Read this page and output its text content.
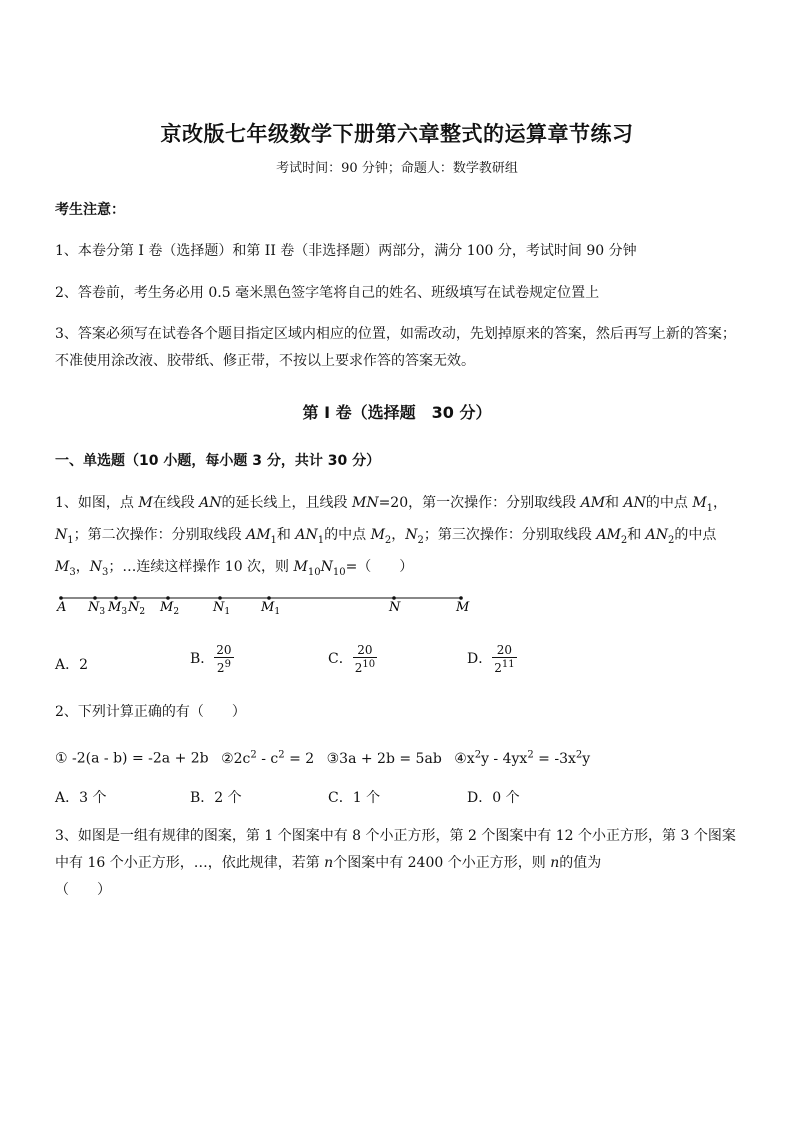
京改版七年级数学下册第六章整式的运算章节练习
考试时间：90 分钟；命题人：数学教研组
考生注意：
1、本卷分第 I 卷（选择题）和第 II 卷（非选择题）两部分，满分 100 分，考试时间 90 分钟
2、答卷前，考生务必用 0.5 毫米黑色签字笔将自己的姓名、班级填写在试卷规定位置上
3、答案必须写在试卷各个题目指定区域内相应的位置，如需改动，先划掉原来的答案，然后再写上新的答案；不准使用涂改液、胶带纸、修正带，不按以上要求作答的答案无效。
第 I 卷（选择题　30 分）
一、单选题（10 小题，每小题 3 分，共计 30 分）
1、如图，点 M在线段 AN的延长线上，且线段 MN=20，第一次操作：分别取线段 AM和 AN的中点 $M_1$，$N_1$；第二次操作：分别取线段 $AM_1$和 $AN_1$的中点 $M_2$，$N_2$；第三次操作：分别取线段 $AM_2$和 $AN_2$的中点 $M_3$，$N_3$；…连续这样操作 10 次，则 $M_{10}N_{10}=$（　　）
A $N_3$ $M_3$ $N_2$ $M_2$	$N_1$ $M_1$	N	M
A．2	B． $\frac{20}{2^9}$	C． $\frac{20}{2^{10}}$	D． $\frac{20}{2^{11}}$
2、下列计算正确的有（　　）
① -2(a - b) = -2a + 2b $②2c^2 - c^2 = 2$ ③3a + 2b = 5ab $④x^2y - 4yx^2 = -3x^2y$
A．3 个	B．2 个	C．1 个	D．0 个
3、如图是一组有规律的图案，第 1 个图案中有 8 个小正方形，第 2 个图案中有 12 个小正方形，第 3 个图案中有 16 个小正方形，…，依此规律，若第 n个图案中有 2400 个小正方形，则 n的值为
（　　）
